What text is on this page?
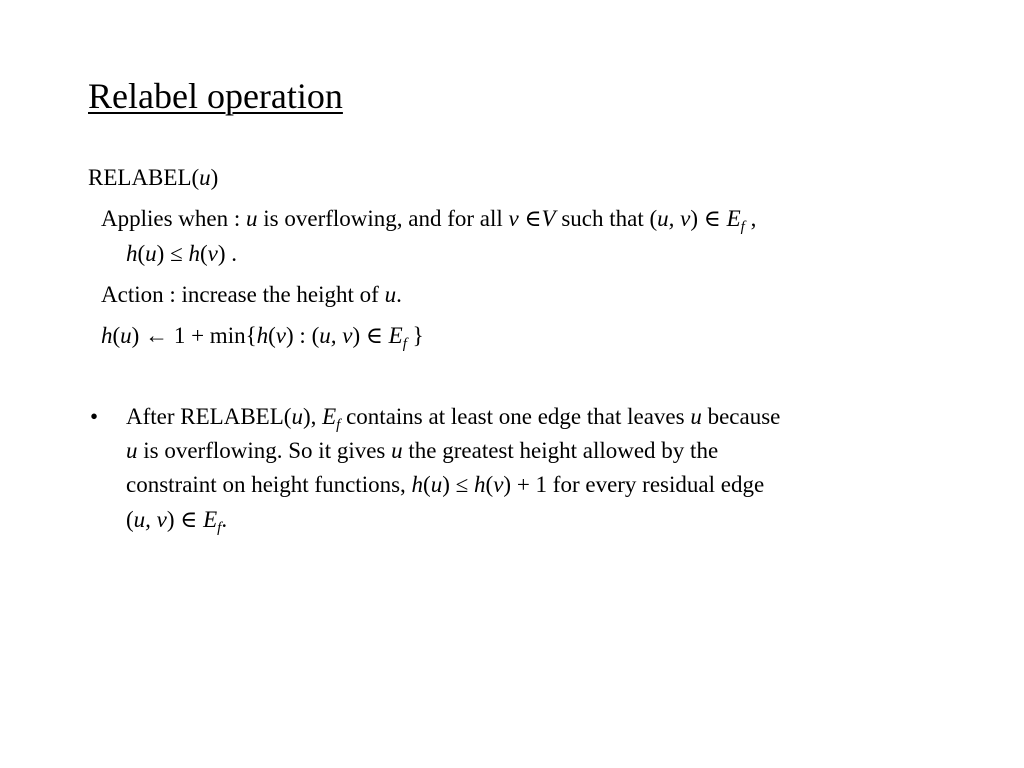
Relabel operation
RELABEL(u)
Applies when : u is overflowing, and for all v ∈V such that (u, v) ∈ $E_f$ ,
h(u) ≤ h(v) .
Action : increase the height of u.
h(u) ← 1 + min{h(v) : (u, v) ∈ $E_f$ }
• After RELABEL(u), $E_f$ contains at least one edge that leaves u because
u is overflowing. So it gives u the greatest height allowed by the
constraint on height functions, h(u) ≤ h(v) + 1 for every residual edge
(u, v) ∈ $E_f$.
